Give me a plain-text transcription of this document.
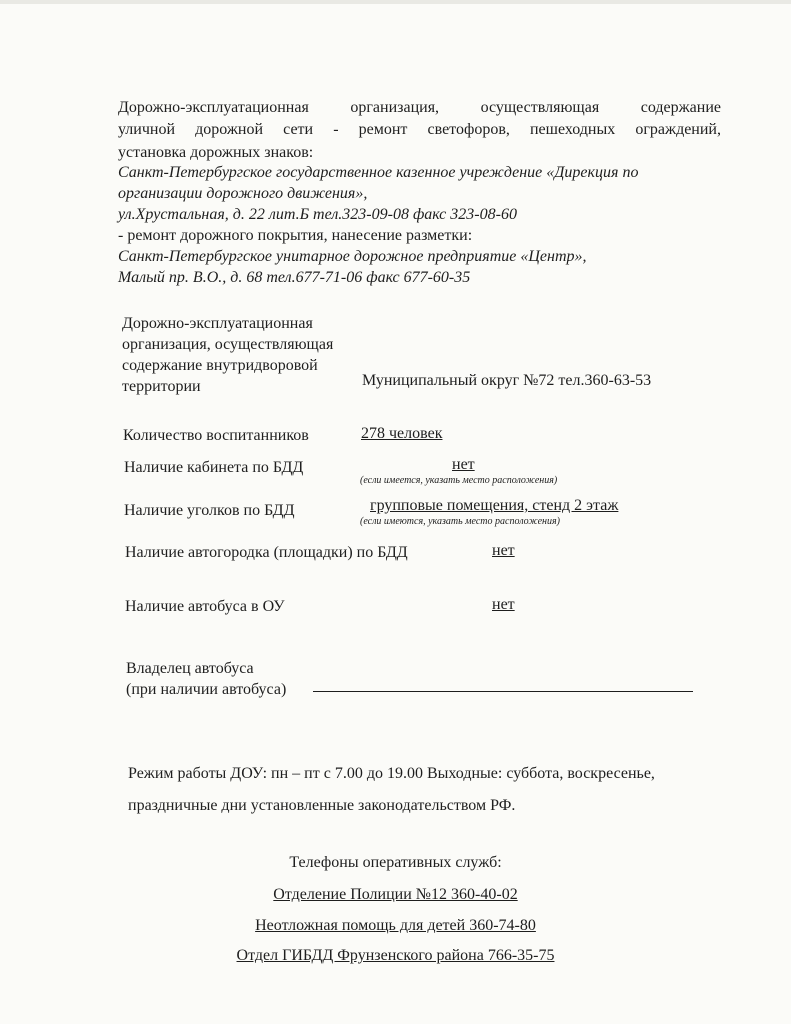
Дорожно-эксплуатационная организация, осуществляющая содержание
уличной дорожной сети - ремонт светофоров, пешеходных ограждений,
установка дорожных знаков:
Санкт-Петербургское государственное казенное учреждение «Дирекция по
организации дорожного движения»,
ул.Хрустальная, д. 22 лит.Б тел.323-09-08 факс 323-08-60
- ремонт дорожного покрытия, нанесение разметки:
Санкт-Петербургское унитарное дорожное предприятие «Центр»,
Малый пр. В.О., д. 68 тел.677-71-06 факс 677-60-35
Дорожно-эксплуатационная
организация, осуществляющая
содержание внутридворовой
территории	Муниципальный округ №72 тел.360-63-53
Количество воспитанников	278 человек
Наличие кабинета по БДД	нет
(если имеется, указать место расположения)
Наличие уголков по БДД	групповые помещения, стенд 2 этаж
(если имеются, указать место расположения)
Наличие автогородка (площадки) по БДД	нет
Наличие автобуса в ОУ	нет
Владелец автобуса
(при наличии автобуса)
Режим работы ДОУ: пн – пт с 7.00 до 19.00 Выходные: суббота, воскресенье,
праздничные дни установленные законодательством РФ.
Телефоны оперативных служб:
Отделение Полиции №12 360-40-02
Неотложная помощь для детей 360-74-80
Отдел ГИБДД Фрунзенского района 766-35-75
